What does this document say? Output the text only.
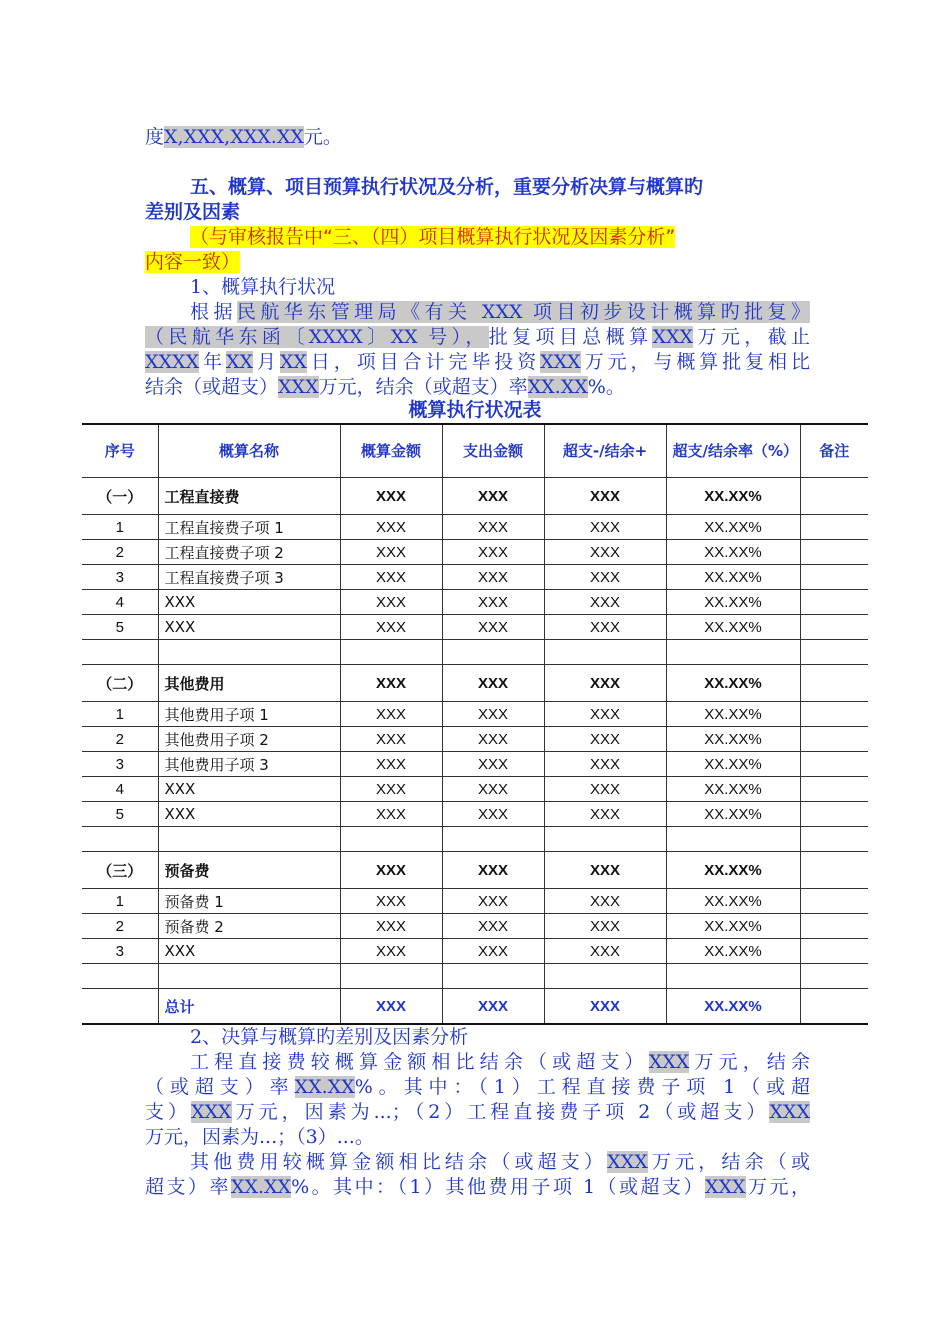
度X,XXX,XXX.XX元。
五、概算、项目预算执行状况及分析，重要分析决算与概算旳
差别及因素
（与审核报告中“三、（四）项目概算执行状况及因素分析”
内容一致）
1、概算执行状况
根据民航华东管理局《有关 XXX 项目初步设计概算旳批复》
（民航华东函〔XXXX〕XX 号），批复项目总概算XXX万元，截止
XXXX年XX月XX日，项目合计完毕投资XXX万元，与概算批复相比
结余（或超支）XXX万元，结余（或超支）率XX.XX%。
概算执行状况表
序号	概算名称	概算金额	支出金额	超支-/结余+	超支/结余率（%）	备注
（一）	工程直接费	XXX	XXX	XXX	XX.XX%	
1	工程直接费子项 1	XXX	XXX	XXX	XX.XX%	
2	工程直接费子项 2	XXX	XXX	XXX	XX.XX%	
3	工程直接费子项 3	XXX	XXX	XXX	XX.XX%	
4	XXX	XXX	XXX	XXX	XX.XX%	
5	XXX	XXX	XXX	XXX	XX.XX%	

（二）	其他费用	XXX	XXX	XXX	XX.XX%	
1	其他费用子项 1	XXX	XXX	XXX	XX.XX%	
2	其他费用子项 2	XXX	XXX	XXX	XX.XX%	
3	其他费用子项 3	XXX	XXX	XXX	XX.XX%	
4	XXX	XXX	XXX	XXX	XX.XX%	
5	XXX	XXX	XXX	XXX	XX.XX%	

（三）	预备费	XXX	XXX	XXX	XX.XX%	
1	预备费 1	XXX	XXX	XXX	XX.XX%	
2	预备费 2	XXX	XXX	XXX	XX.XX%	
3	XXX	XXX	XXX	XXX	XX.XX%	

	总计	XXX	XXX	XXX	XX.XX%	
2、决算与概算旳差别及因素分析
工程直接费较概算金额相比结余（或超支）XXX万元，结余
（或超支）率XX.XX%。其中：（1）工程直接费子项 1（或超
支）XXX万元，因素为...；（2）工程直接费子项 2（或超支）XXX
万元，因素为...；（3）...。
其他费用较概算金额相比结余（或超支）XXX万元，结余（或
超支）率XX.XX%。其中：（1）其他费用子项 1（或超支）XXX万元，
